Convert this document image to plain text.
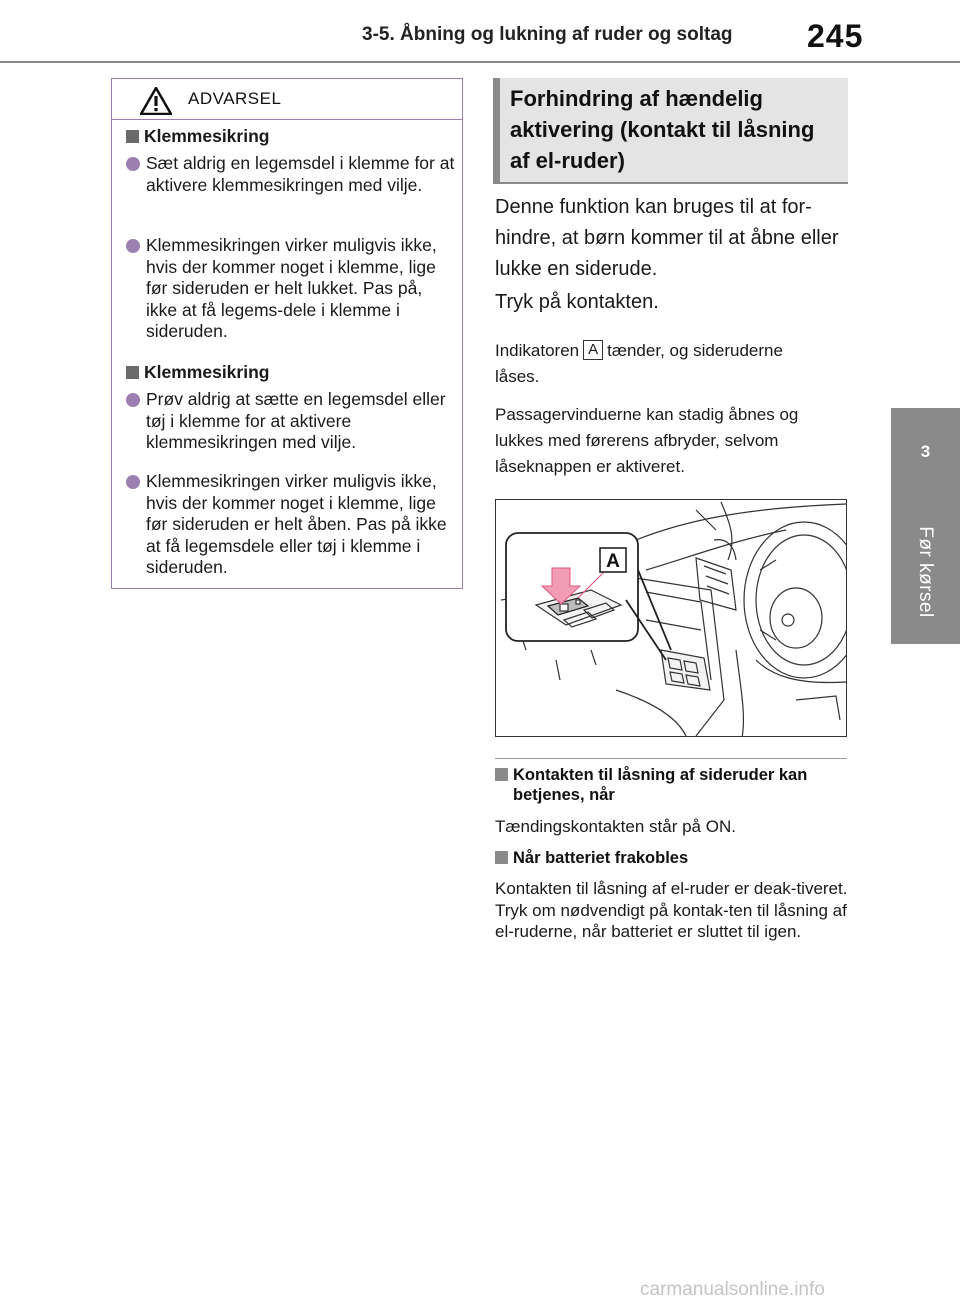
3-5. Åbning og lukning af ruder og soltag 245
3
Før kørsel
ADVARSEL
Klemmesikring
Sæt aldrig en legemsdel i klemme for at aktivere klemmesikringen med vilje.
Klemmesikringen virker muligvis ikke, hvis der kommer noget i klemme, lige før sideruden er helt lukket. Pas på, ikke at få legems-dele i klemme i sideruden.
Klemmesikring
Prøv aldrig at sætte en legemsdel eller tøj i klemme for at aktivere klemmesikringen med vilje.
Klemmesikringen virker muligvis ikke, hvis der kommer noget i klemme, lige før sideruden er helt åben. Pas på ikke at få legemsdele eller tøj i klemme i sideruden.
Forhindring af hændelig aktivering (kontakt til låsning af el-ruder)
Denne funktion kan bruges til at for-hindre, at børn kommer til at åbne eller lukke en siderude.
Tryk på kontakten.
Indikatoren A tænder, og sideruderne
låses.
Passagervinduerne kan stadig åbnes og lukkes med førerens afbryder, selvom låseknappen er aktiveret.
A
Kontakten til låsning af sideruder kan betjenes, når
Tændingskontakten står på ON.
Når batteriet frakobles
Kontakten til låsning af el-ruder er deak-tiveret. Tryk om nødvendigt på kontak-ten til låsning af el-ruderne, når batteriet er sluttet til igen.
carmanualsonline.info
